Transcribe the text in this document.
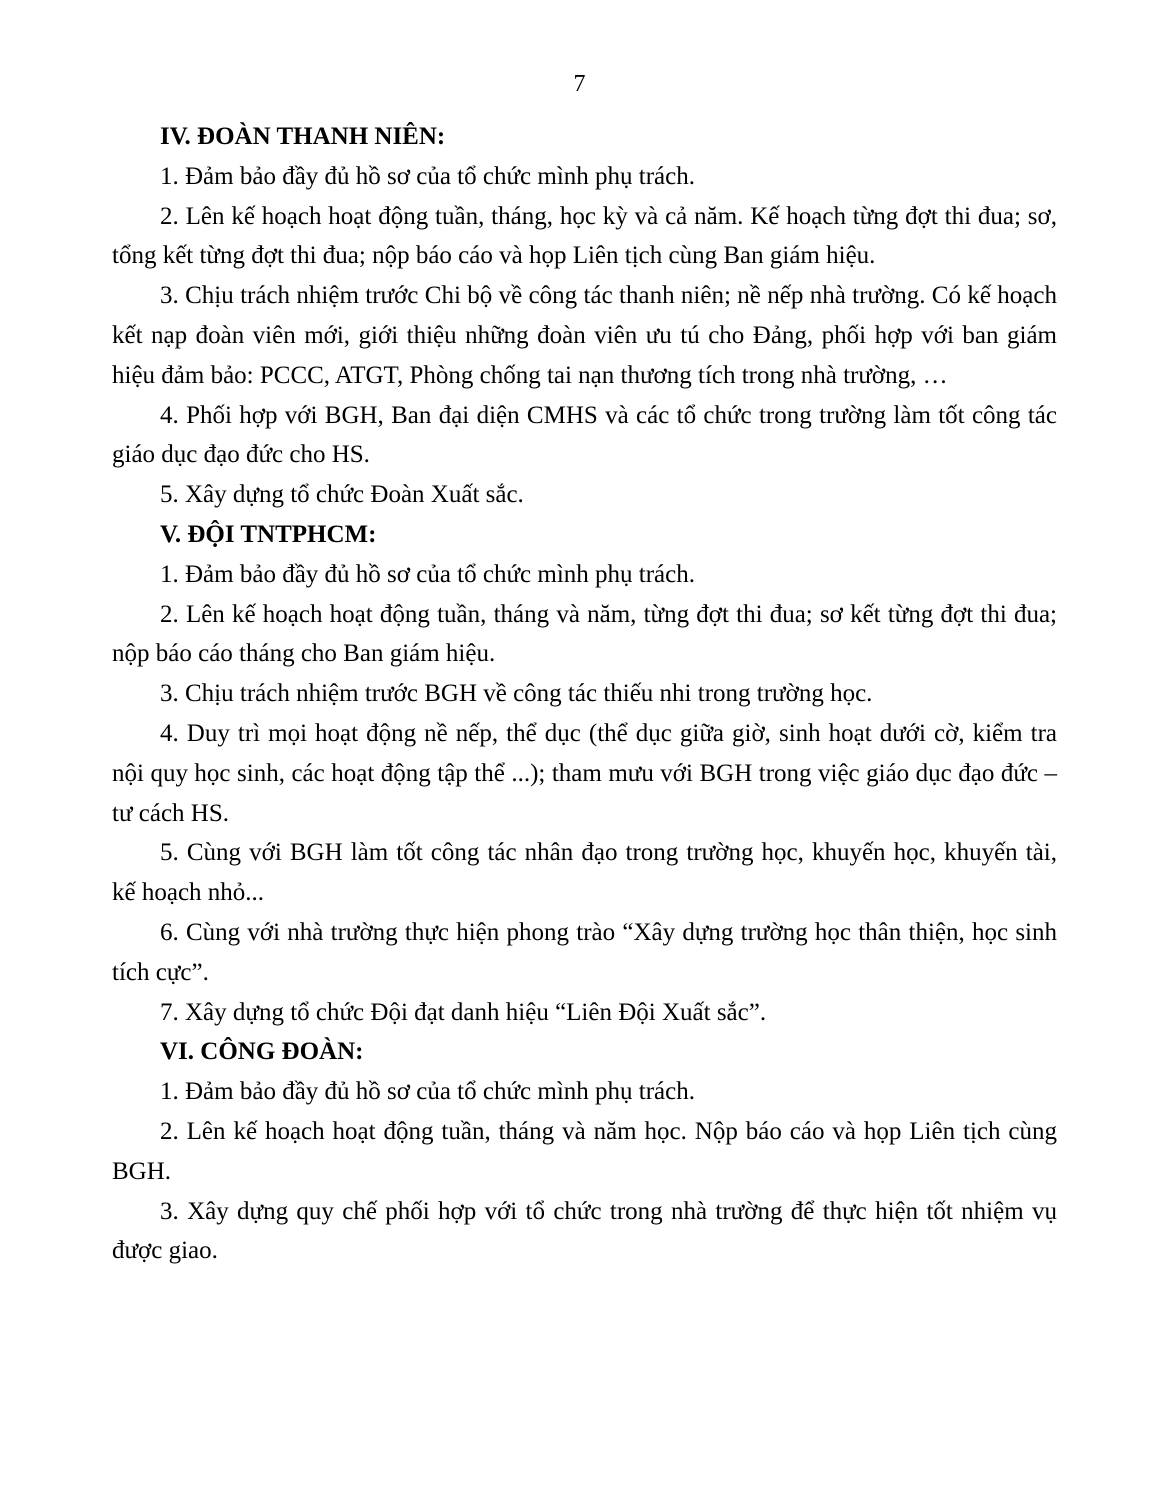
7

IV. ĐOÀN THANH NIÊN:

1. Đảm bảo đầy đủ hồ sơ của tổ chức mình phụ trách.

2. Lên kế hoạch hoạt động tuần, tháng, học kỳ và cả năm. Kế hoạch từng đợt thi đua; sơ, tổng kết từng đợt thi đua; nộp báo cáo và họp Liên tịch cùng Ban giám hiệu.

3. Chịu trách nhiệm trước Chi bộ về công tác thanh niên; nề nếp nhà trường. Có kế hoạch kết nạp đoàn viên mới, giới thiệu những đoàn viên ưu tú cho Đảng, phối hợp với ban giám hiệu đảm bảo: PCCC, ATGT, Phòng chống tai nạn thương tích trong nhà trường, …

4. Phối hợp với BGH, Ban đại diện CMHS và các tổ chức trong trường làm tốt công tác giáo dục đạo đức cho HS.

5. Xây dựng tổ chức Đoàn Xuất sắc.

V. ĐỘI TNTPHCM:

1. Đảm bảo đầy đủ hồ sơ của tổ chức mình phụ trách.

2. Lên kế hoạch hoạt động tuần, tháng và năm, từng đợt thi đua; sơ kết từng đợt thi đua; nộp báo cáo tháng cho Ban giám hiệu.

3. Chịu trách nhiệm trước BGH về công tác thiếu nhi trong trường học.

4. Duy trì mọi hoạt động nề nếp, thể dục (thể dục giữa giờ, sinh hoạt dưới cờ, kiểm tra nội quy học sinh, các hoạt động tập thể ...); tham mưu với BGH trong việc giáo dục đạo đức – tư cách HS.

5. Cùng với BGH làm tốt công tác nhân đạo trong trường học, khuyến học, khuyến tài, kế hoạch nhỏ...

6. Cùng với nhà trường thực hiện phong trào “Xây dựng trường học thân thiện, học sinh tích cực”.

7. Xây dựng tổ chức Đội đạt danh hiệu “Liên Đội Xuất sắc”.

VI. CÔNG ĐOÀN:

1. Đảm bảo đầy đủ hồ sơ của tổ chức mình phụ trách.

2. Lên kế hoạch hoạt động tuần, tháng và năm học. Nộp báo cáo và họp Liên tịch cùng BGH.

3. Xây dựng quy chế phối hợp với tổ chức trong nhà trường để thực hiện tốt nhiệm vụ được giao.
